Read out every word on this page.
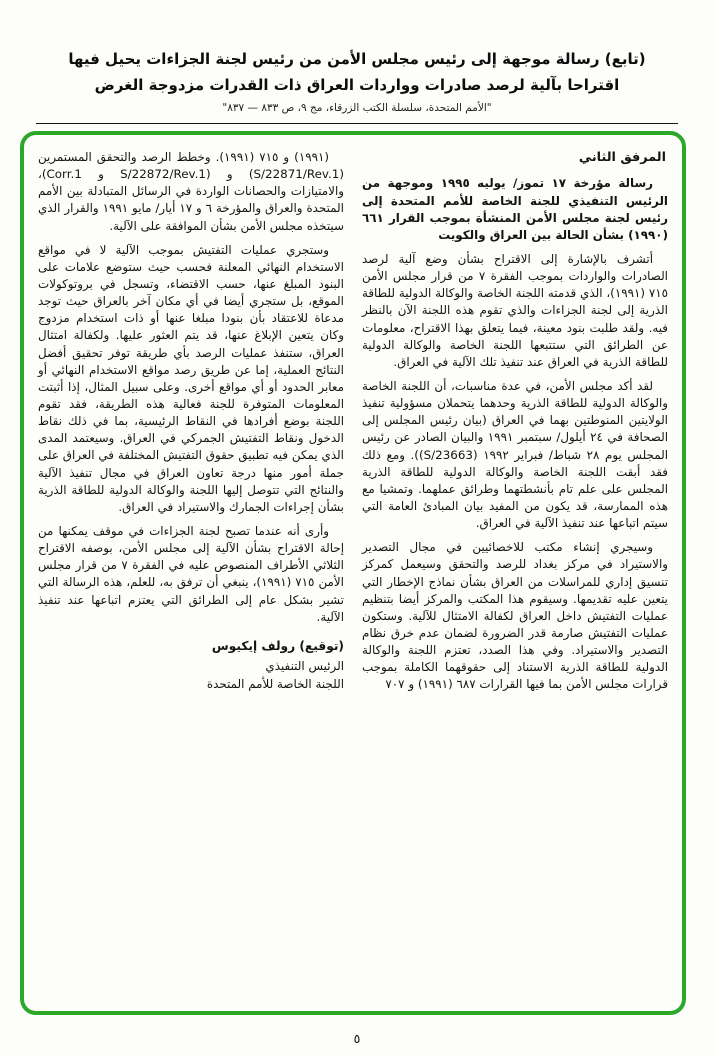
(تابع) رسالة موجهة إلى رئيس مجلس الأمن من رئيس لجنة الجزاءات يحيل فيها
اقتراحا بآلية لرصد صادرات وواردات العراق ذات القدرات مزدوجة الغرض
"الأمم المتحدة، سلسلة الكتب الزرقاء، مج ٩، ص ٨٣٣ — ٨٣٧"
المرفق الثاني

رسالة مؤرخة ١٧ تموز/ يوليه ١٩٩٥ وموجهة من الرئيس التنفيذي للجنة الخاصة للأمم المتحدة إلى رئيس لجنة مجلس الأمن المنشأة بموجب القرار ٦٦١ (١٩٩٠) بشأن الحالة بين العراق والكويت

أتشرف بالإشارة إلى الاقتراح بشأن وضع آلية لرصد الصادرات والواردات بموجب الفقرة ٧ من قرار مجلس الأمن ٧١٥ (١٩٩١)، الذي قدمته اللجنة الخاصة والوكالة الدولية للطاقة الذرية إلى لجنة الجزاءات والذي تقوم هذه اللجنة الآن بالنظر فيه. ولقد طلبت بنود معينة، فيما يتعلق بهذا الاقتراح، معلومات عن الطرائق التي ستتبعها اللجنة الخاصة والوكالة الدولية للطاقة الذرية في العراق عند تنفيذ تلك الآلية في العراق.

لقد أكد مجلس الأمن، في عدة مناسبات، أن اللجنة الخاصة والوكالة الدولية للطاقة الذرية وحدهما يتحملان مسؤولية تنفيذ الولايتين المنوطتين بهما في العراق (بيان رئيس المجلس إلى الصحافة في ٢٤ أيلول/ سبتمبر ١٩٩١ والبيان الصادر عن رئيس المجلس يوم ٢٨ شباط/ فبراير ١٩٩٢ (S/23663)). ومع ذلك فقد أبقت اللجنة الخاصة والوكالة الدولية للطاقة الذرية المجلس على علم تام بأنشطتهما وطرائق عملهما. وتمشيا مع هذه الممارسة، قد يكون من المفيد بيان المبادئ العامة التي سيتم اتباعها عند تنفيذ الآلية في العراق.

وسيجري إنشاء مكتب للاخصائيين في مجال التصدير والاستيراد في مركز بغداد للرصد والتحقق وسيعمل كمركز تنسيق إداري للمراسلات من العراق بشأن نماذج الإخطار التي يتعين عليه تقديمها. وسيقوم هذا المكتب والمركز أيضا بتنظيم عمليات التفتيش داخل العراق لكفالة الامتثال للآلية. وستكون عمليات التفتيش صارمة قدر الضرورة لضمان عدم خرق نظام التصدير والاستيراد. وفي هذا الصدد، تعتزم اللجنة والوكالة الدولية للطاقة الذرية الاستناد إلى حقوقهما الكاملة بموجب قرارات مجلس الأمن بما فيها القرارات ٦٨٧ (١٩٩١) و ٧٠٧

(١٩٩١) و ٧١٥ (١٩٩١). وخطط الرصد والتحقق المستمرين (S/22871/Rev.1) و (S/22872/Rev.1 و Corr.1)، والامتيازات والحصانات الواردة في الرسائل المتبادلة بين الأمم المتحدة والعراق والمؤرخة ٦ و ١٧ أيار/ مايو ١٩٩١ والقرار الذي سيتخذه مجلس الأمن بشأن الموافقة على الآلية.

وستجري عمليات التفتيش بموجب الآلية لا في مواقع الاستخدام النهائي المعلنة فحسب حيث ستوضع علامات على البنود المبلغ عنها، حسب الاقتضاء، وتسجل في بروتوكولات الموقع، بل ستجري أيضا في أي مكان آخر بالعراق حيث توجد مدعاة للاعتقاد بأن بنودا مبلغا عنها أو ذات استخدام مزدوج وكان يتعين الإبلاغ عنها، قد يتم العثور عليها. ولكفالة امتثال العراق، ستنفذ عمليات الرصد بأي طريقة توفر تحقيق أفضل النتائج العملية، إما عن طريق رصد مواقع الاستخدام النهائي أو معابر الحدود أو أي مواقع أخرى. وعلى سبيل المثال، إذا أثبتت المعلومات المتوفرة للجنة فعالية هذه الطريقة، فقد تقوم اللجنة بوضع أفرادها في النقاط الرئيسية، بما في ذلك نقاط الدخول ونقاط التفتيش الجمركي في العراق. وسيعتمد المدى الذي يمكن فيه تطبيق حقوق التفتيش المختلفة في العراق على جملة أمور منها درجة تعاون العراق في مجال تنفيذ الآلية والنتائج التي تتوصل إليها اللجنة والوكالة الدولية للطاقة الذرية بشأن إجراءات الجمارك والاستيراد في العراق.

وأرى أنه عندما تصبح لجنة الجزاءات في موقف يمكنها من إحالة الاقتراح بشأن الآلية إلى مجلس الأمن، بوصفه الاقتراح الثلاثي الأطراف المنصوص عليه في الفقرة ٧ من قرار مجلس الأمن ٧١٥ (١٩٩١)، ينبغي أن ترفق به، للعلم، هذه الرسالة التي تشير بشكل عام إلى الطرائق التي يعتزم اتباعها عند تنفيذ الآلية.

(توقيع) رولف إيكيوس
الرئيس التنفيذي
اللجنة الخاصة للأمم المتحدة
٥
